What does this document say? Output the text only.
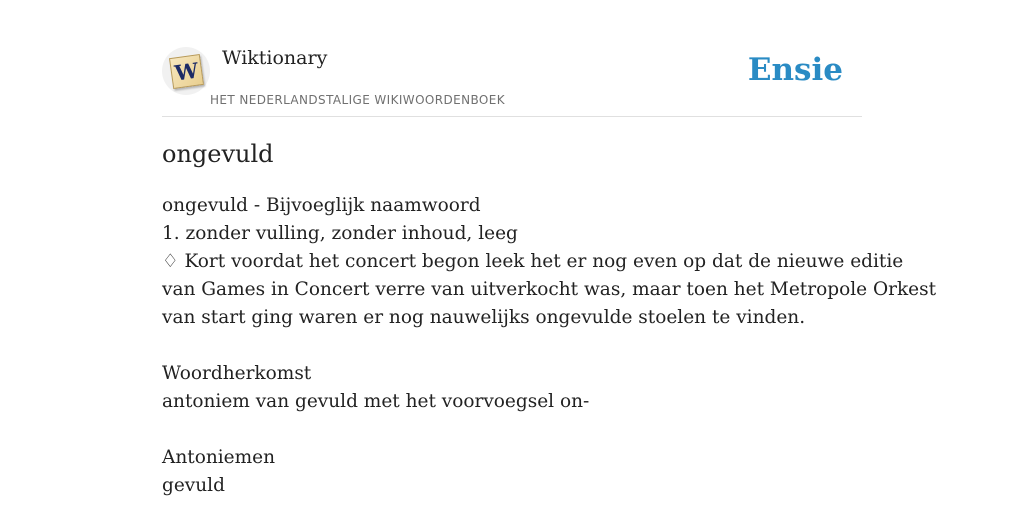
W Wiktionary
HET NEDERLANDSTALIGE WIKIWOORDENBOEK
Ensie
ongevuld
ongevuld - Bijvoeglijk naamwoord
1. zonder vulling, zonder inhoud, leeg
♢ Kort voordat het concert begon leek het er nog even op dat de nieuwe editie
van Games in Concert verre van uitverkocht was, maar toen het Metropole Orkest
van start ging waren er nog nauwelijks ongevulde stoelen te vinden.
Woordherkomst
antoniem van gevuld met het voorvoegsel on-
Antoniemen
gevuld
